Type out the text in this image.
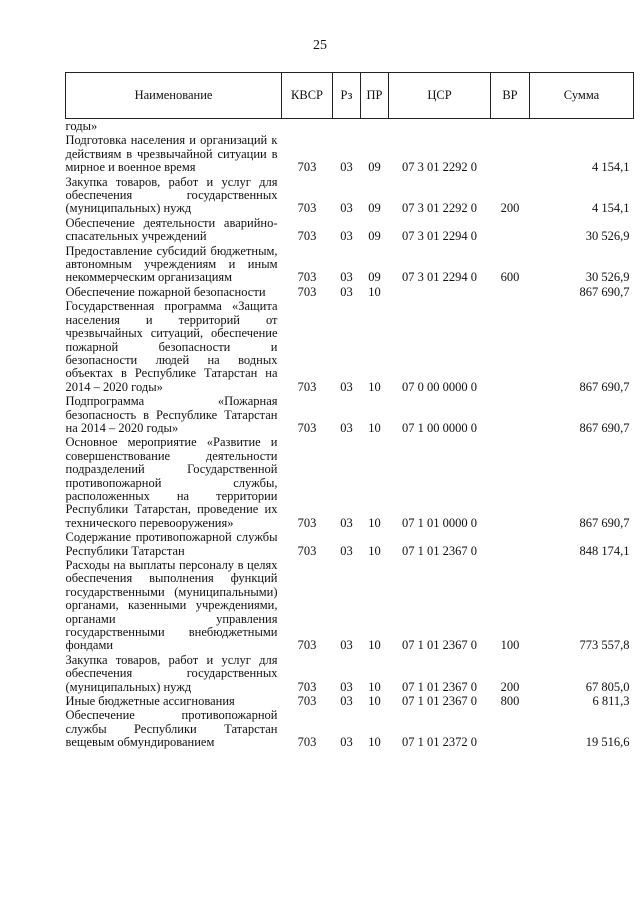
25
Наименование	КВСР	Рз	ПР	ЦСР	ВР	Сумма
годы»						
Подготовка населения и организаций к действиям в чрезвычайной ситуации в мирное и военное время	703	03	09	07 3 01 2292 0		4 154,1
Закупка товаров, работ и услуг для обеспечения государственных (муниципальных) нужд	703	03	09	07 3 01 2292 0	200	4 154,1
Обеспечение деятельности аварийно-спасательных учреждений	703	03	09	07 3 01 2294 0		30 526,9
Предоставление субсидий бюджетным, автономным учреждениям и иным некоммерческим организациям	703	03	09	07 3 01 2294 0	600	30 526,9
Обеспечение пожарной безопасности	703	03	10			867 690,7
Государственная программа «Защита населения и территорий от чрезвычайных ситуаций, обеспечение пожарной безопасности и безопасности людей на водных объектах в Республике Татарстан на 2014 – 2020 годы»	703	03	10	07 0 00 0000 0		867 690,7
Подпрограмма «Пожарная безопасность в Республике Татарстан на 2014 – 2020 годы»	703	03	10	07 1 00 0000 0		867 690,7
Основное мероприятие «Развитие и совершенствование деятельности подразделений Государственной противопожарной службы, расположенных на территории Республики Татарстан, проведение их технического перевооружения»	703	03	10	07 1 01 0000 0		867 690,7
Содержание противопожарной службы Республики Татарстан	703	03	10	07 1 01 2367 0		848 174,1
Расходы на выплаты персоналу в целях обеспечения выполнения функций государственными (муниципальными) органами, казенными учреждениями, органами управления государственными внебюджетными фондами	703	03	10	07 1 01 2367 0	100	773 557,8
Закупка товаров, работ и услуг для обеспечения государственных (муниципальных) нужд	703	03	10	07 1 01 2367 0	200	67 805,0
Иные бюджетные ассигнования	703	03	10	07 1 01 2367 0	800	6 811,3
Обеспечение противопожарной службы Республики Татарстан вещевым обмундированием	703	03	10	07 1 01 2372 0		19 516,6
